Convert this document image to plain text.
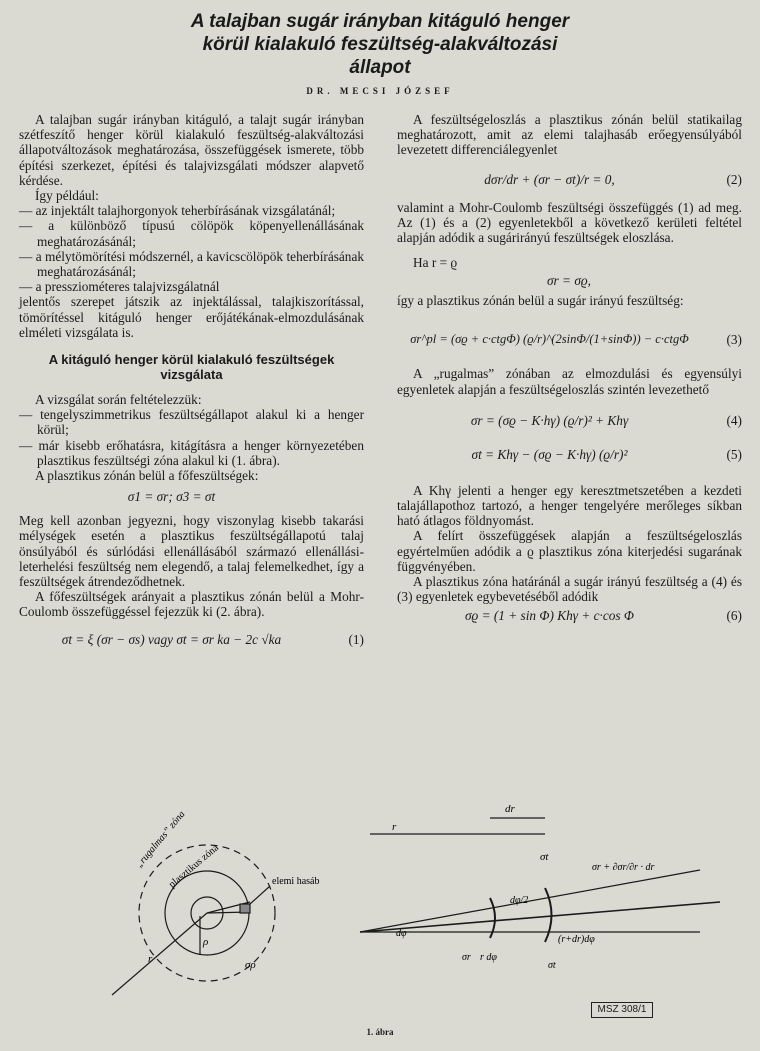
A talajban sugár irányban kitáguló henger
körül kialakuló feszültség-alakváltozási
állapot
DR. MECSI JÓZSEF
A talajban sugár irányban kitáguló, a talajt sugár irányban szétfeszítő henger körül kialakuló feszültség-alakváltozási állapotváltozások meghatározása, összefüggések ismerete, több építési szerkezet, építési és talajvizsgálati módszer alapvető kérdése.
Így például:
— az injektált talajhorgonyok teherbírásának vizsgálatánál;
— a különböző típusú cölöpök köpenyellenállásának meghatározásánál;
— a mélytömörítési módszernél, a kavicscölöpök teherbírásának meghatározásánál;
— a pressziométeres talajvizsgálatnál
jelentős szerepet játszik az injektálással, talajkiszorítással, tömörítéssel kitáguló henger erőjátékának-elmozdulásának elméleti vizsgálata is.
A kitáguló henger körül kialakuló feszültségek vizsgálata
A vizsgálat során feltételezzük:
— tengelyszimmetrikus feszültségállapot alakul ki a henger körül;
— már kisebb erőhatásra, kitágításra a henger környezetében plasztikus feszültségi zóna alakul ki (1. ábra).
A plasztikus zónán belül a főfeszültségek:
σ1 = σr; σ3 = σt
Meg kell azonban jegyezni, hogy viszonylag kisebb takarási mélységek esetén a plasztikus feszültségállapotú talaj önsúlyából és súrlódási ellenállásából származó ellenállási-leterhelési feszültség nem elegendő, a talaj felemelkedhet, így a feszültségek átrendeződhetnek.
A főfeszültségek arányait a plasztikus zónán belül a Mohr-Coulomb összefüggéssel fejezzük ki (2. ábra).
σt = ξ (σr − σs) vagy σt = σr ka − 2c √ka	(1)
A feszültségeloszlás a plasztikus zónán belül statikailag meghatározott, amit az elemi talajhasáb erőegyensúlyából levezetett differenciálegyenlet
dσr/dr + (σr − σt)/r = 0,	(2)
valamint a Mohr-Coulomb feszültségi összefüggés (1) ad meg. Az (1) és a (2) egyenletekből a következő kerületi feltétel alapján adódik a sugárirányú feszültségek eloszlása.
Ha r = ϱ
σr = σϱ,
így a plasztikus zónán belül a sugár irányú feszültség:
σr^pl = (σϱ + c·ctgΦ) (ϱ/r)^(2sinΦ/(1+sinΦ)) − c·ctgΦ	(3)
A „rugalmas” zónában az elmozdulási és egyensúlyi egyenletek alapján a feszültségeloszlás szintén levezethető
σr = (σϱ − K·hγ) (ϱ/r)² + Khγ	(4)
σt = Khγ − (σϱ − K·hγ) (ϱ/r)²	(5)
A Khγ jelenti a henger egy keresztmetszetében a kezdeti talajállapothoz tartozó, a henger tengelyére merőleges síkban ható átlagos földnyomást.
A felírt összefüggések alapján a feszültségeloszlás egyértelműen adódik a ϱ plasztikus zóna kiterjedési sugarának függvényében.
A plasztikus zóna határánál a sugár irányú feszültség a (4) és (3) egyenletek egybevetéséből adódik
σϱ = (1 + sin Φ) Khγ + c·cos Φ	(6)
„rugalmas” zóna
plasztikus zóna	elemi hasáb
r
ρ
σρ
r
dr
σt
σr + ∂σr/∂r · dr
dφ/2
dφ
σr r dφ
(r+dr)dφ
σt
MSZ 308/1
1. ábra
